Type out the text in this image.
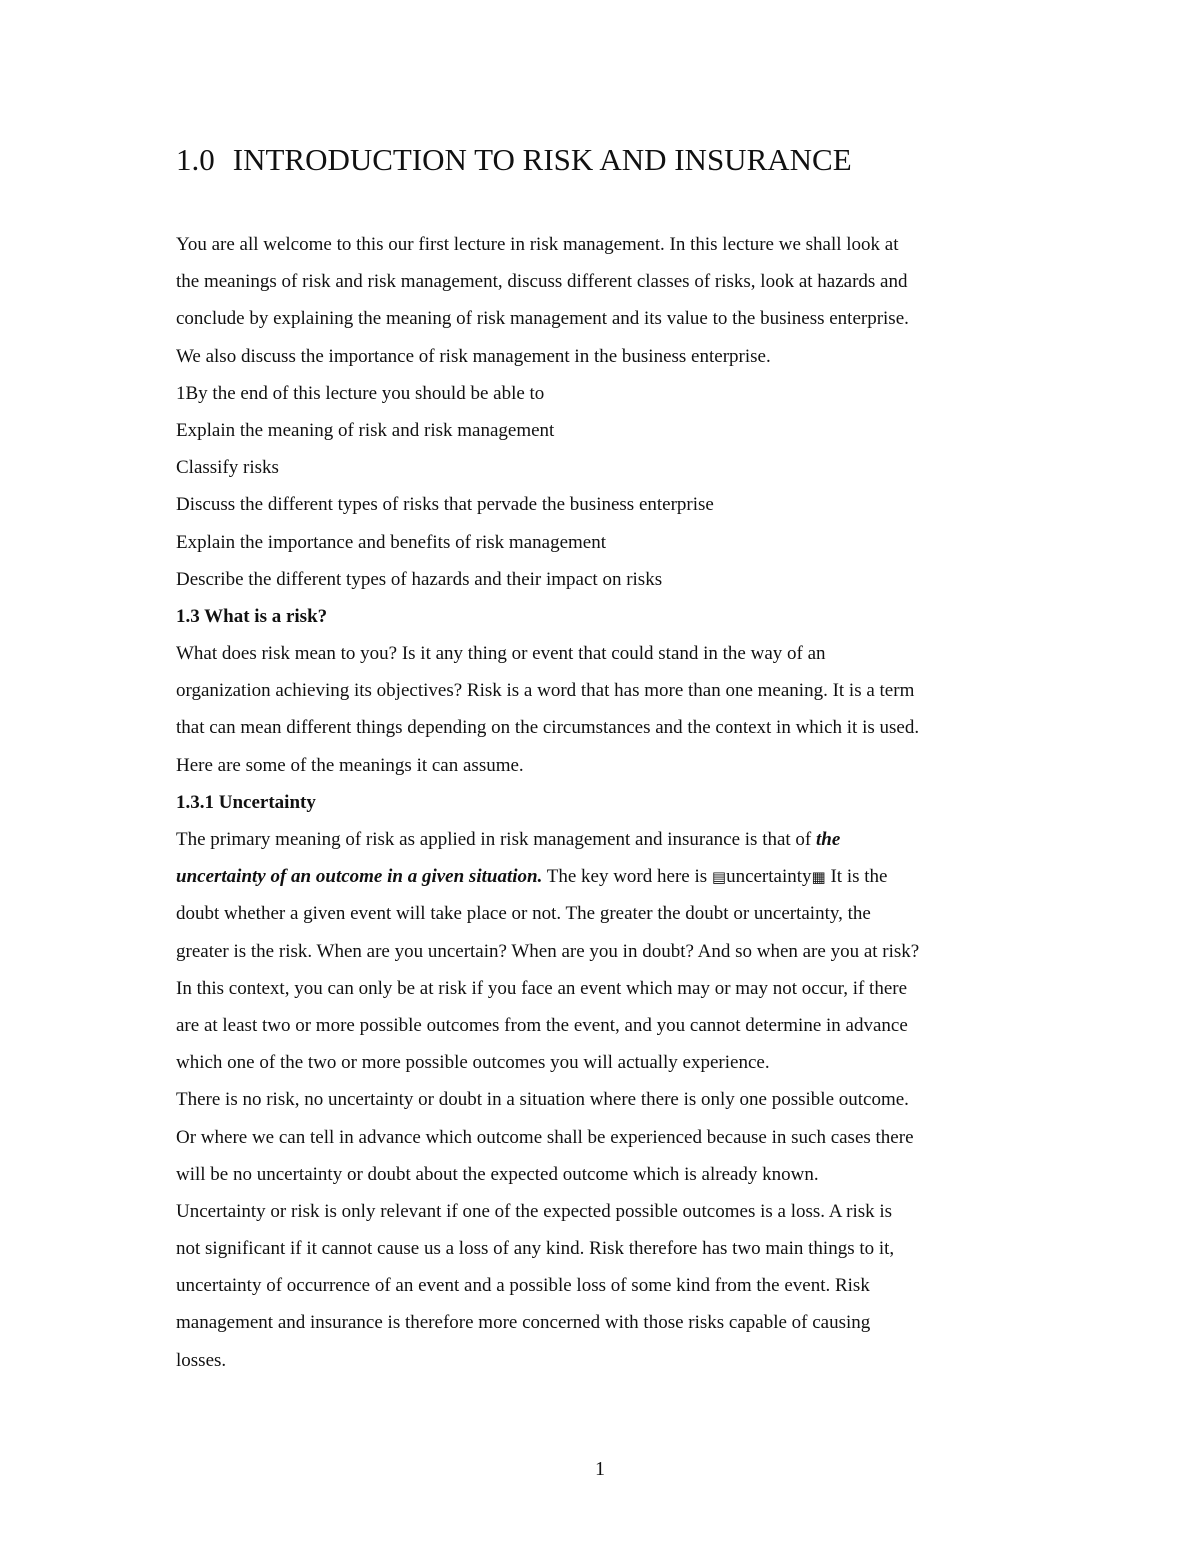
1.0 INTRODUCTION TO RISK AND INSURANCE
You are all welcome to this our first lecture in risk management. In this lecture we shall look at
the meanings of risk and risk management, discuss different classes of risks, look at hazards and
conclude by explaining the meaning of risk management and its value to the business enterprise.
We also discuss the importance of risk management in the business enterprise.
1By the end of this lecture you should be able to
Explain the meaning of risk and risk management
Classify risks
Discuss the different types of risks that pervade the business enterprise
Explain the importance and benefits of risk management
Describe the different types of hazards and their impact on risks
1.3 What is a risk?
What does risk mean to you? Is it any thing or event that could stand in the way of an
organization achieving its objectives? Risk is a word that has more than one meaning. It is a term
that can mean different things depending on the circumstances and the context in which it is used.
Here are some of the meanings it can assume.
1.3.1 Uncertainty
The primary meaning of risk as applied in risk management and insurance is that of the
uncertainty of an outcome in a given situation. The key word here is ▤uncertainty▦ It is the
doubt whether a given event will take place or not. The greater the doubt or uncertainty, the
greater is the risk. When are you uncertain? When are you in doubt? And so when are you at risk?
In this context, you can only be at risk if you face an event which may or may not occur, if there
are at least two or more possible outcomes from the event, and you cannot determine in advance
which one of the two or more possible outcomes you will actually experience.
There is no risk, no uncertainty or doubt in a situation where there is only one possible outcome.
Or where we can tell in advance which outcome shall be experienced because in such cases there
will be no uncertainty or doubt about the expected outcome which is already known.
Uncertainty or risk is only relevant if one of the expected possible outcomes is a loss. A risk is
not significant if it cannot cause us a loss of any kind. Risk therefore has two main things to it,
uncertainty of occurrence of an event and a possible loss of some kind from the event. Risk
management and insurance is therefore more concerned with those risks capable of causing
losses.
1
